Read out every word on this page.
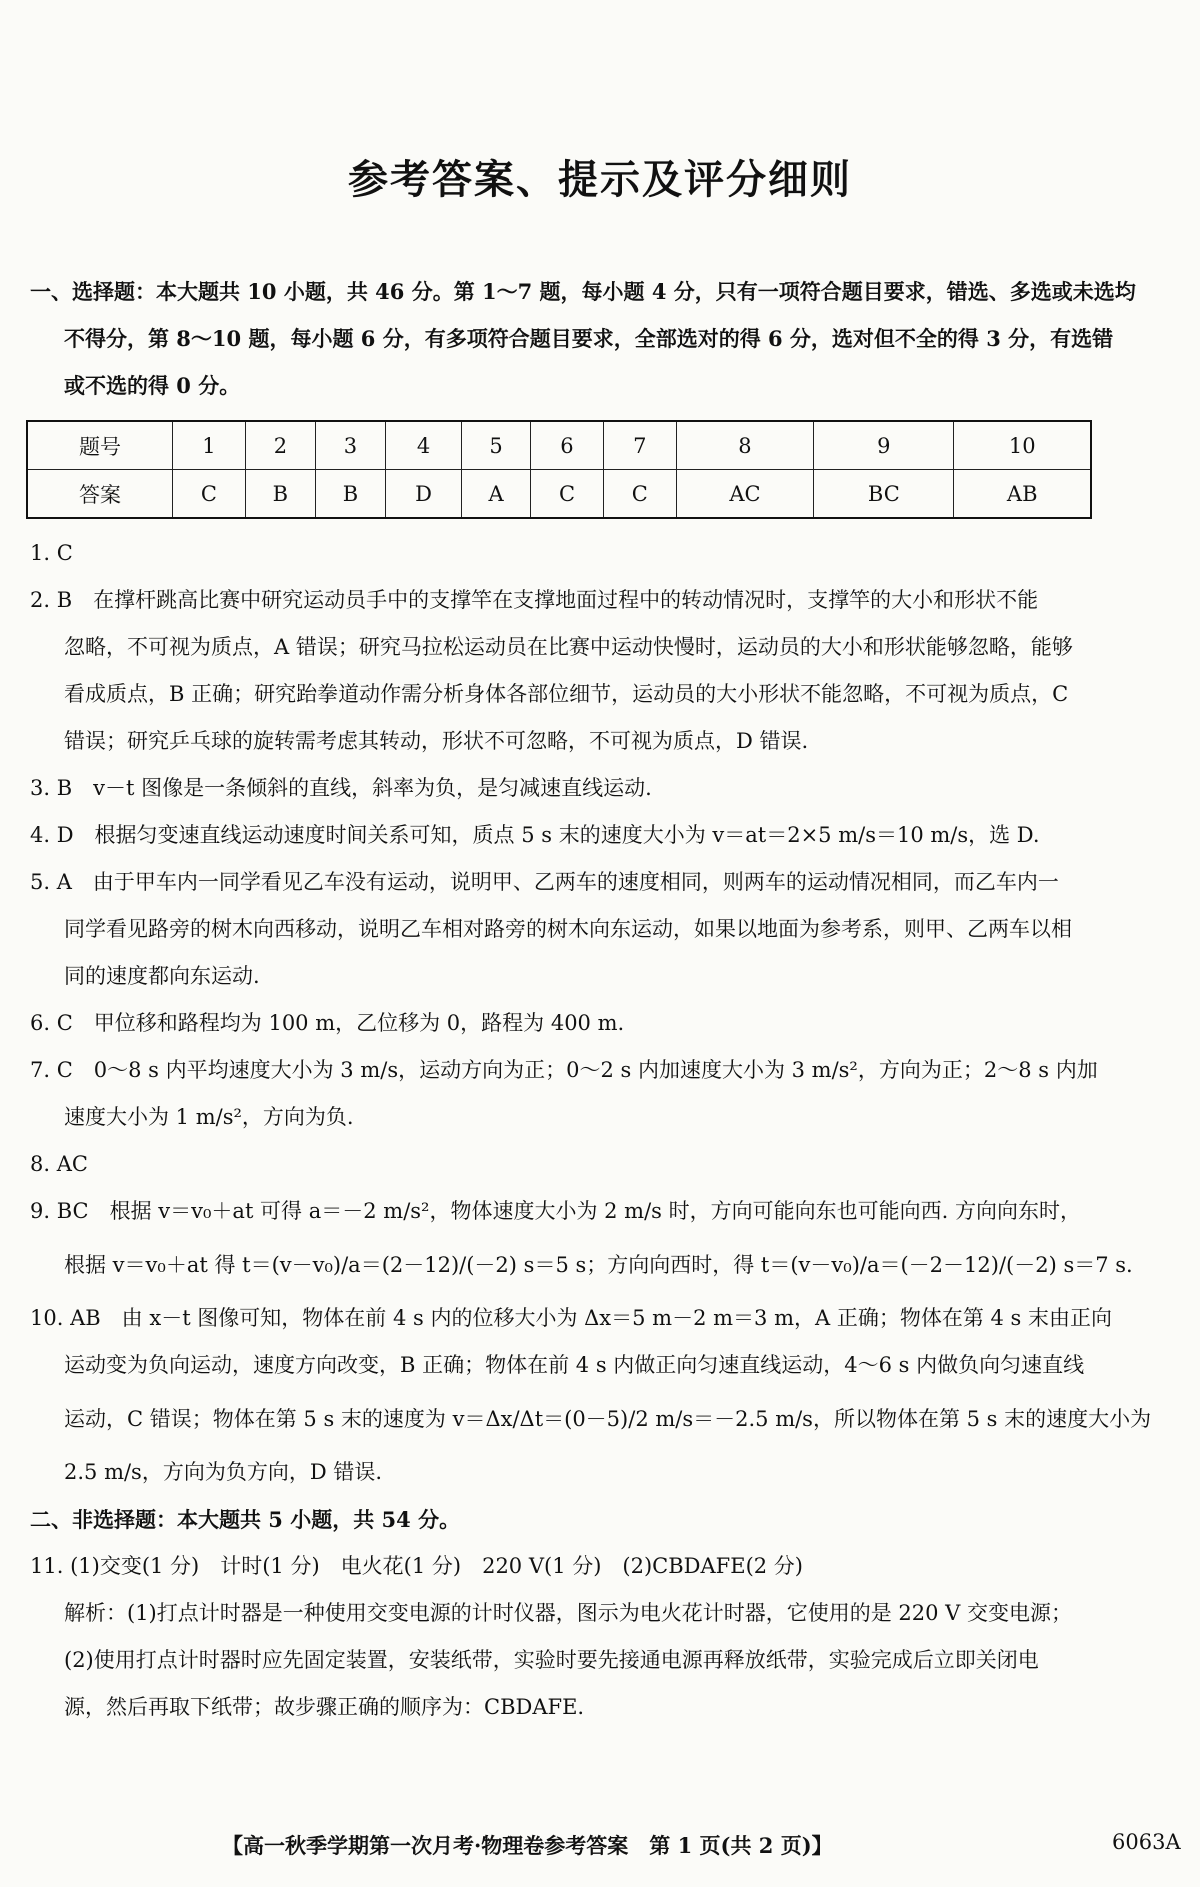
参考答案、提示及评分细则
一、选择题：本大题共 10 小题，共 46 分。第 1～7 题，每小题 4 分，只有一项符合题目要求，错选、多选或未选均
不得分，第 8～10 题，每小题 6 分，有多项符合题目要求，全部选对的得 6 分，选对但不全的得 3 分，有选错
或不选的得 0 分。
题号	1	2	3	4	5	6	7	8	9	10
答案	C	B	B	D	A	C	C	AC	BC	AB
1. C
2. B　在撑杆跳高比赛中研究运动员手中的支撑竿在支撑地面过程中的转动情况时，支撑竿的大小和形状不能
忽略，不可视为质点，A 错误；研究马拉松运动员在比赛中运动快慢时，运动员的大小和形状能够忽略，能够
看成质点，B 正确；研究跆拳道动作需分析身体各部位细节，运动员的大小形状不能忽略，不可视为质点，C
错误；研究乒乓球的旋转需考虑其转动，形状不可忽略，不可视为质点，D 错误.
3. B　v－t 图像是一条倾斜的直线，斜率为负，是匀减速直线运动.
4. D　根据匀变速直线运动速度时间关系可知，质点 5 s 末的速度大小为 v＝at＝2×5 m/s＝10 m/s，选 D.
5. A　由于甲车内一同学看见乙车没有运动，说明甲、乙两车的速度相同，则两车的运动情况相同，而乙车内一
同学看见路旁的树木向西移动，说明乙车相对路旁的树木向东运动，如果以地面为参考系，则甲、乙两车以相
同的速度都向东运动.
6. C　甲位移和路程均为 100 m，乙位移为 0，路程为 400 m.
7. C　0～8 s 内平均速度大小为 3 m/s，运动方向为正；0～2 s 内加速度大小为 3 m/s²，方向为正；2～8 s 内加
速度大小为 1 m/s²，方向为负.
8. AC
9. BC　根据 v＝v₀＋at 可得 a＝－2 m/s²，物体速度大小为 2 m/s 时，方向可能向东也可能向西. 方向向东时，
根据 v＝v₀＋at 得 t＝(v－v₀)/a＝(2－12)/(－2) s＝5 s；方向向西时，得 t＝(v－v₀)/a＝(－2－12)/(－2) s＝7 s.
10. AB　由 x－t 图像可知，物体在前 4 s 内的位移大小为 Δx＝5 m－2 m＝3 m，A 正确；物体在第 4 s 末由正向
运动变为负向运动，速度方向改变，B 正确；物体在前 4 s 内做正向匀速直线运动，4～6 s 内做负向匀速直线
运动，C 错误；物体在第 5 s 末的速度为 v＝Δx/Δt＝(0－5)/2 m/s＝－2.5 m/s，所以物体在第 5 s 末的速度大小为
2.5 m/s，方向为负方向，D 错误.
二、非选择题：本大题共 5 小题，共 54 分。
11. (1)交变(1 分)　计时(1 分)　电火花(1 分)　220 V(1 分)　(2)CBDAFE(2 分)
解析：(1)打点计时器是一种使用交变电源的计时仪器，图示为电火花计时器，它使用的是 220 V 交变电源；
(2)使用打点计时器时应先固定装置，安装纸带，实验时要先接通电源再释放纸带，实验完成后立即关闭电
源，然后再取下纸带；故步骤正确的顺序为：CBDAFE.
【高一秋季学期第一次月考·物理卷参考答案　第 1 页(共 2 页)】	6063A
